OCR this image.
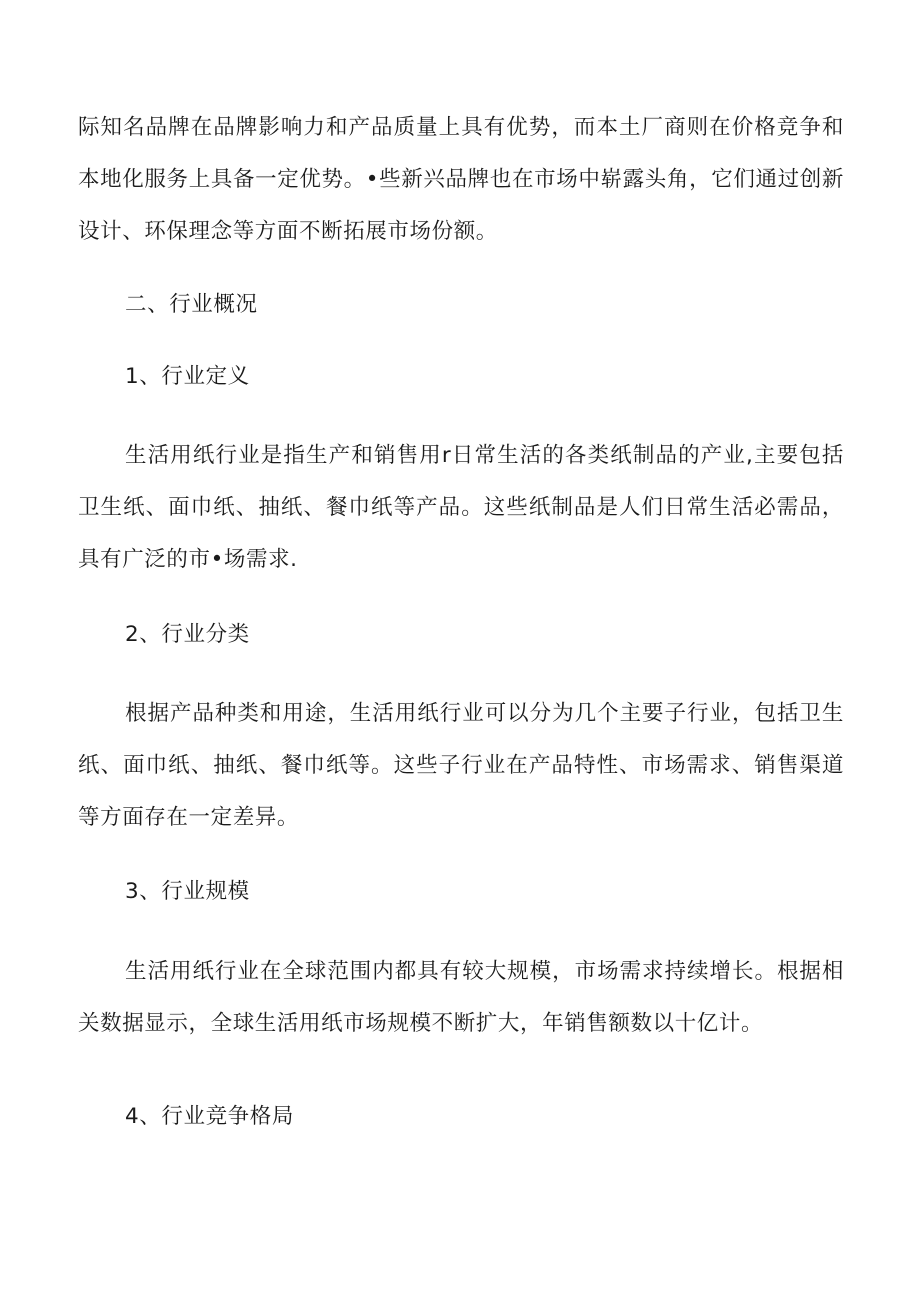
际知名品牌在品牌影响力和产品质量上具有优势，而本土厂商则在价格竞争和本地化服务上具备一定优势。•些新兴品牌也在市场中崭露头角，它们通过创新设计、环保理念等方面不断拓展市场份额。

二、行业概况
1、行业定义

生活用纸行业是指生产和销售用r日常生活的各类纸制品的产业,主要包括卫生纸、面巾纸、抽纸、餐巾纸等产品。这些纸制品是人们日常生活必需品，具有广泛的市•场需求.

2、行业分类

根据产品种类和用途，生活用纸行业可以分为几个主要子行业，包括卫生纸、面巾纸、抽纸、餐巾纸等。这些子行业在产品特性、市场需求、销售渠道等方面存在一定差异。

3、行业规模

生活用纸行业在全球范围内都具有较大规模，市场需求持续增长。根据相关数据显示，全球生活用纸市场规模不断扩大，年销售额数以十亿计。

4、行业竞争格局
